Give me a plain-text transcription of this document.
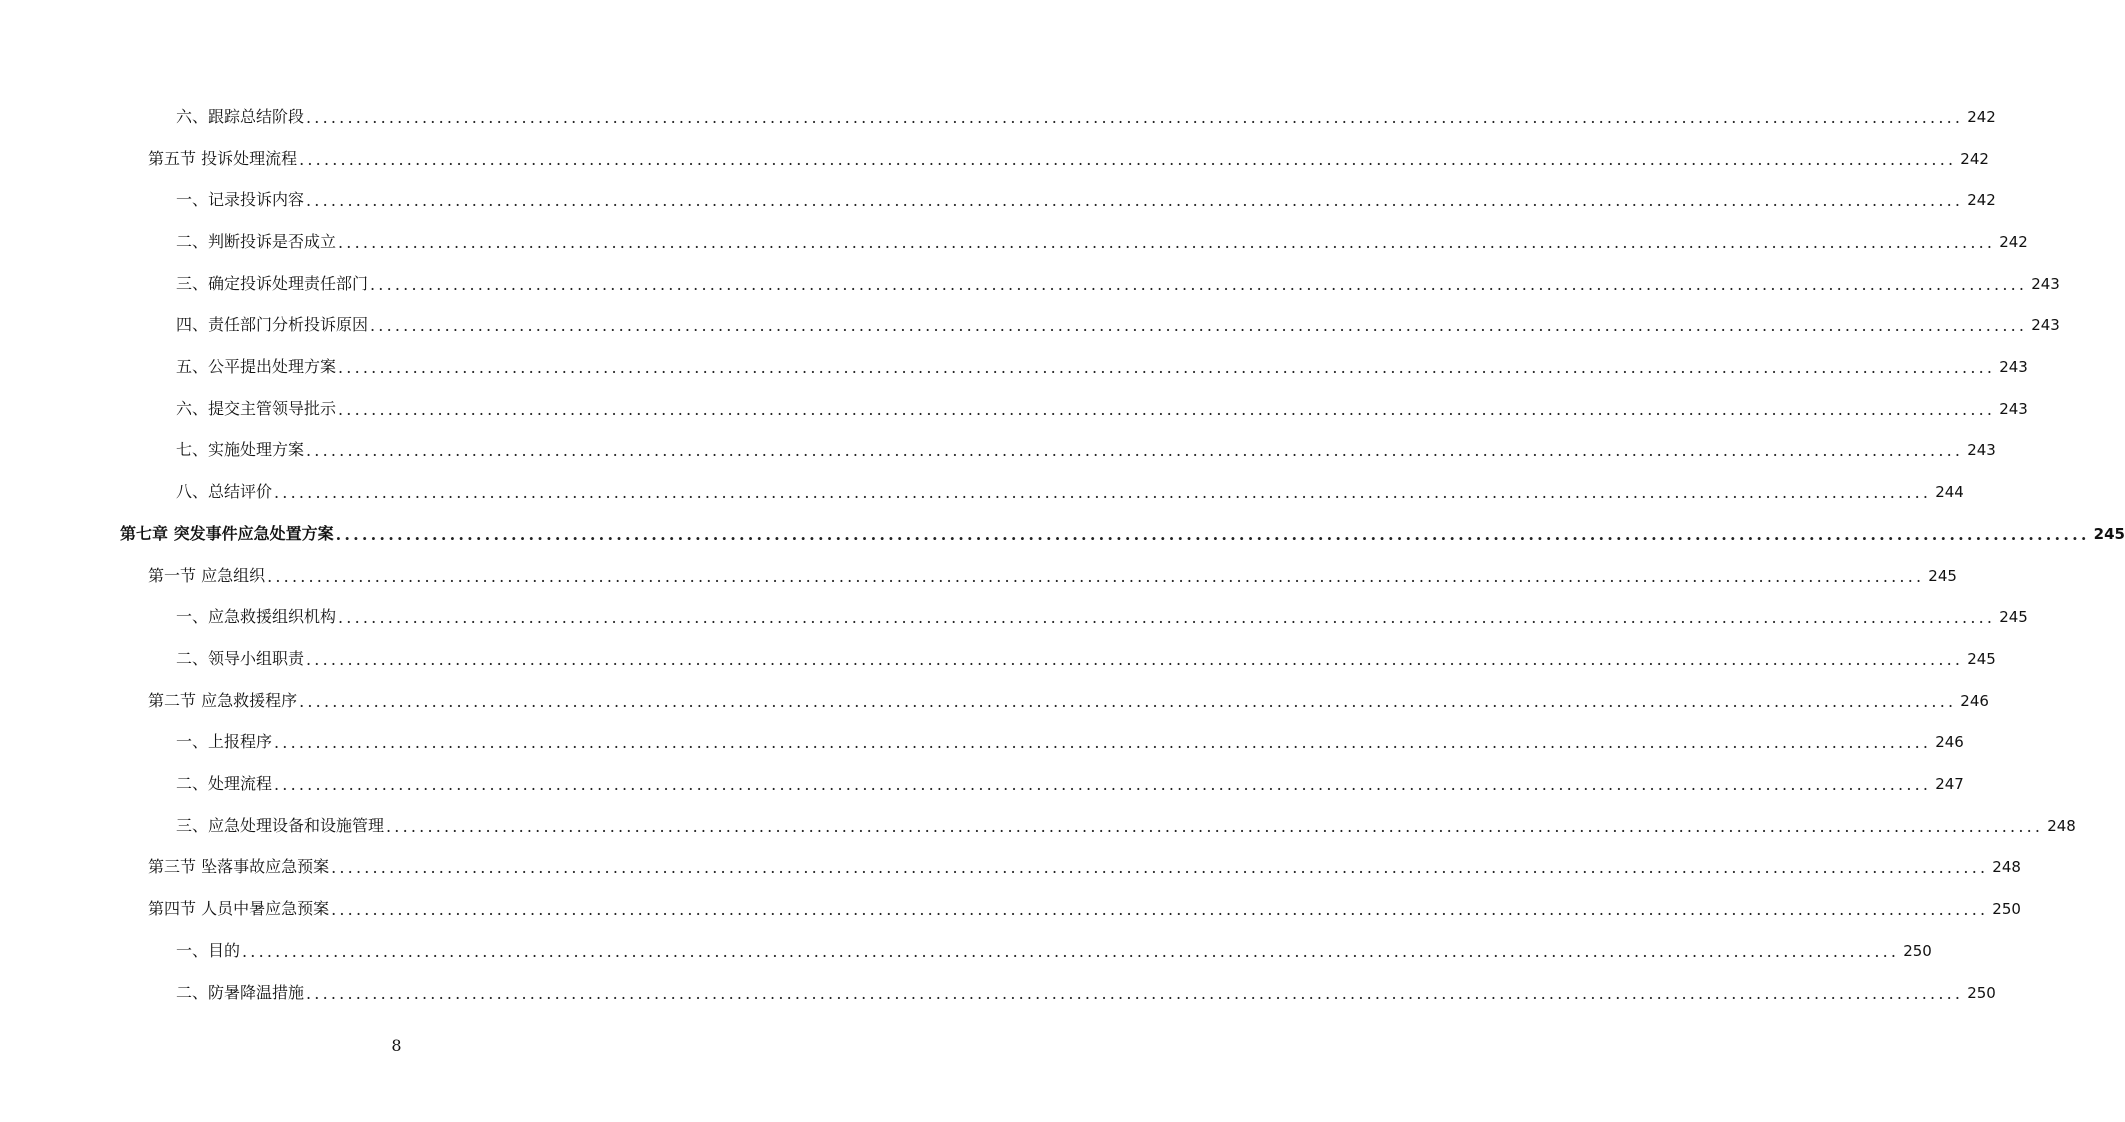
六、跟踪总结阶段 ........................................................................................................................................................................................................ 242
第五节 投诉处理流程 ........................................................................................................................................................................................................ 242
一、记录投诉内容 ........................................................................................................................................................................................................ 242
二、判断投诉是否成立 ........................................................................................................................................................................................................ 242
三、确定投诉处理责任部门 ........................................................................................................................................................................................................ 243
四、责任部门分析投诉原因 ........................................................................................................................................................................................................ 243
五、公平提出处理方案 ........................................................................................................................................................................................................ 243
六、提交主管领导批示 ........................................................................................................................................................................................................ 243
七、实施处理方案 ........................................................................................................................................................................................................ 243
八、总结评价 ........................................................................................................................................................................................................ 244
第七章 突发事件应急处置方案 ........................................................................................................................................................................................................ 245
第一节 应急组织 ........................................................................................................................................................................................................ 245
一、应急救援组织机构 ........................................................................................................................................................................................................ 245
二、领导小组职责 ........................................................................................................................................................................................................ 245
第二节 应急救援程序 ........................................................................................................................................................................................................ 246
一、上报程序 ........................................................................................................................................................................................................ 246
二、处理流程 ........................................................................................................................................................................................................ 247
三、应急处理设备和设施管理 ........................................................................................................................................................................................................ 248
第三节 坠落事故应急预案 ........................................................................................................................................................................................................ 248
第四节 人员中暑应急预案 ........................................................................................................................................................................................................ 250
一、目的 ........................................................................................................................................................................................................ 250
二、防暑降温措施 ........................................................................................................................................................................................................ 250
8
